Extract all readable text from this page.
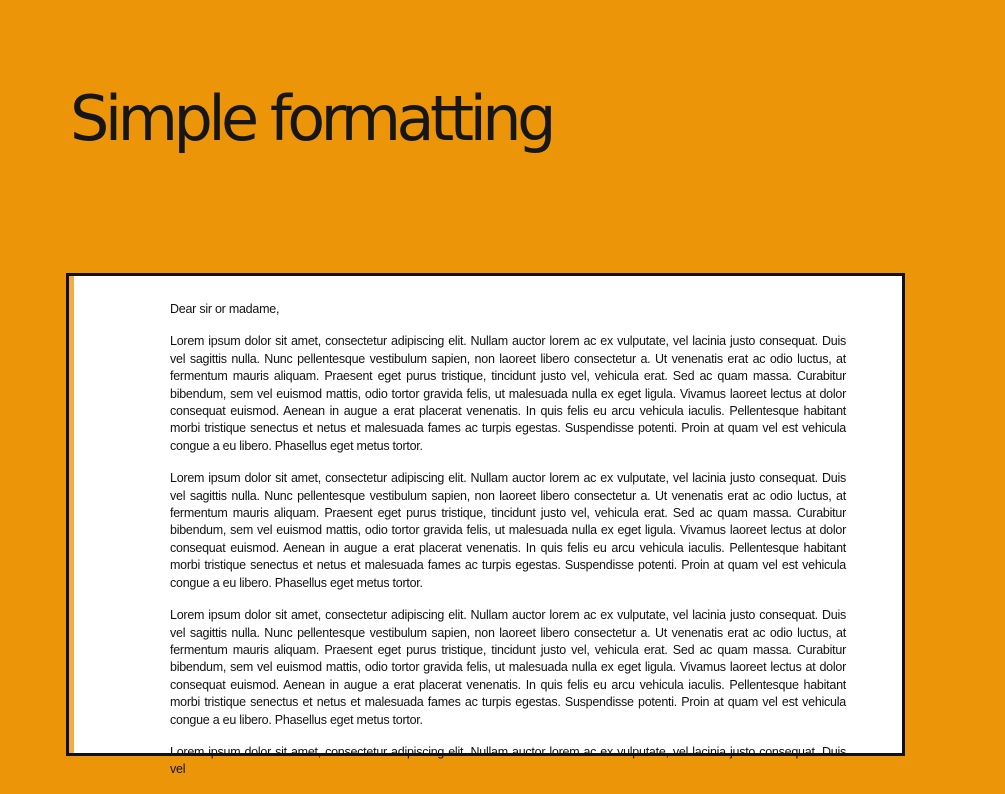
Simple formatting

Dear sir or madame,

Lorem ipsum dolor sit amet, consectetur adipiscing elit. Nullam auctor lorem ac ex vulputate, vel lacinia justo consequat. Duis vel sagittis nulla. Nunc pellentesque vestibulum sapien, non laoreet libero consectetur a. Ut venenatis erat ac odio luctus, at fermentum mauris aliquam. Praesent eget purus tristique, tincidunt justo vel, vehicula erat. Sed ac quam massa. Curabitur bibendum, sem vel euismod mattis, odio tortor gravida felis, ut malesuada nulla ex eget ligula. Vivamus laoreet lectus at dolor consequat euismod. Aenean in augue a erat placerat venenatis. In quis felis eu arcu vehicula iaculis. Pellentesque habitant morbi tristique senectus et netus et malesuada fames ac turpis egestas. Suspendisse potenti. Proin at quam vel est vehicula congue a eu libero. Phasellus eget metus tortor.

Lorem ipsum dolor sit amet, consectetur adipiscing elit. Nullam auctor lorem ac ex vulputate, vel lacinia justo consequat. Duis vel sagittis nulla. Nunc pellentesque vestibulum sapien, non laoreet libero consectetur a. Ut venenatis erat ac odio luctus, at fermentum mauris aliquam. Praesent eget purus tristique, tincidunt justo vel, vehicula erat. Sed ac quam massa. Curabitur bibendum, sem vel euismod mattis, odio tortor gravida felis, ut malesuada nulla ex eget ligula. Vivamus laoreet lectus at dolor consequat euismod. Aenean in augue a erat placerat venenatis. In quis felis eu arcu vehicula iaculis. Pellentesque habitant morbi tristique senectus et netus et malesuada fames ac turpis egestas. Suspendisse potenti. Proin at quam vel est vehicula congue a eu libero. Phasellus eget metus tortor.

Lorem ipsum dolor sit amet, consectetur adipiscing elit. Nullam auctor lorem ac ex vulputate, vel lacinia justo consequat. Duis vel sagittis nulla. Nunc pellentesque vestibulum sapien, non laoreet libero consectetur a. Ut venenatis erat ac odio luctus, at fermentum mauris aliquam. Praesent eget purus tristique, tincidunt justo vel, vehicula erat. Sed ac quam massa. Curabitur bibendum, sem vel euismod mattis, odio tortor gravida felis, ut malesuada nulla ex eget ligula. Vivamus laoreet lectus at dolor consequat euismod. Aenean in augue a erat placerat venenatis. In quis felis eu arcu vehicula iaculis. Pellentesque habitant morbi tristique senectus et netus et malesuada fames ac turpis egestas. Suspendisse potenti. Proin at quam vel est vehicula congue a eu libero. Phasellus eget metus tortor.

Lorem ipsum dolor sit amet, consectetur adipiscing elit. Nullam auctor lorem ac ex vulputate, vel lacinia justo consequat. Duis vel
